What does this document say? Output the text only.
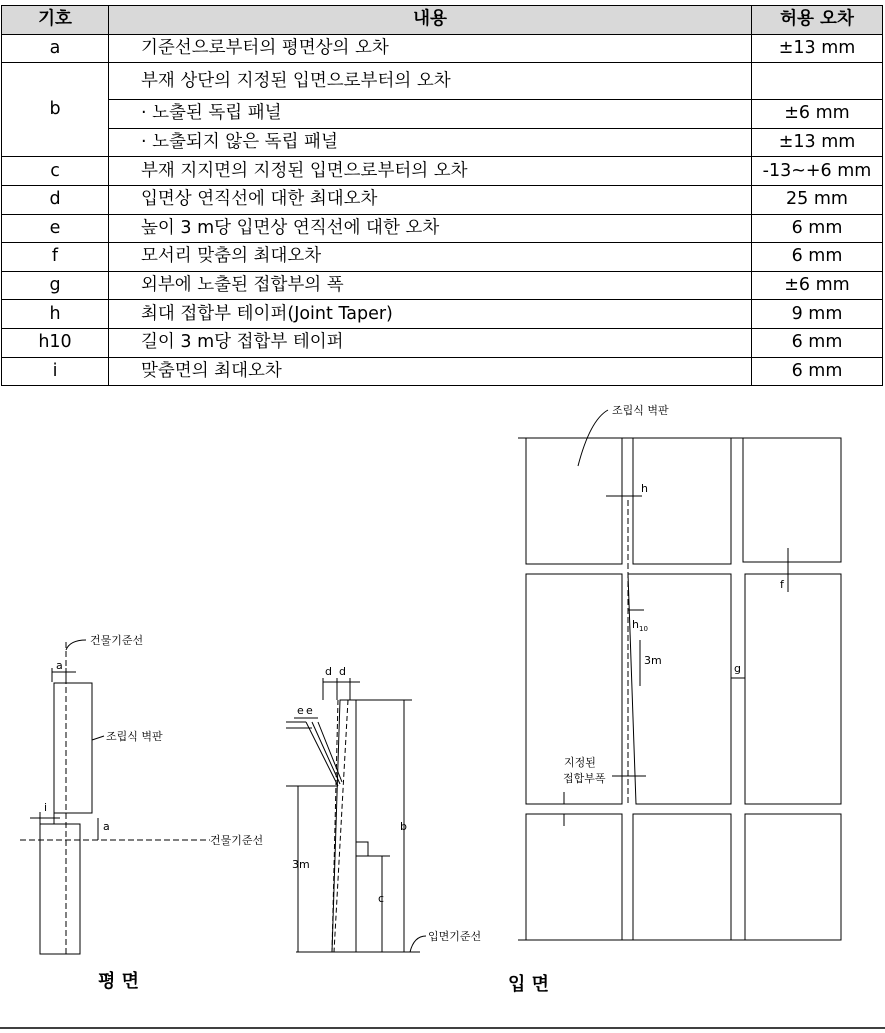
기호	내용	허용 오차
a	기준선으로부터의 평면상의 오차	±13 mm
b	부재 상단의 지정된 입면으로부터의 오차	
	· 노출된 독립 패널	±6 mm
	· 노출되지 않은 독립 패널	±13 mm
c	부재 지지면의 지정된 입면으로부터의 오차	-13~+6 mm
d	입면상 연직선에 대한 최대오차	25 mm
e	높이 3 m당 입면상 연직선에 대한 오차	6 mm
f	모서리 맞춤의 최대오차	6 mm
g	외부에 노출된 접합부의 폭	±6 mm
h	최대 접합부 테이퍼(Joint Taper)	9 mm
h10	길이 3 m당 접합부 테이퍼	6 mm
i	맞춤면의 최대오차	6 mm
건물기준선
a
조립식 벽판
i
a
건물기준선
평 면
d d
e e
3m
b
c
입면기준선
조립식 벽판
h
h 10
3m
f
g
지정된
접합부폭
입 면
